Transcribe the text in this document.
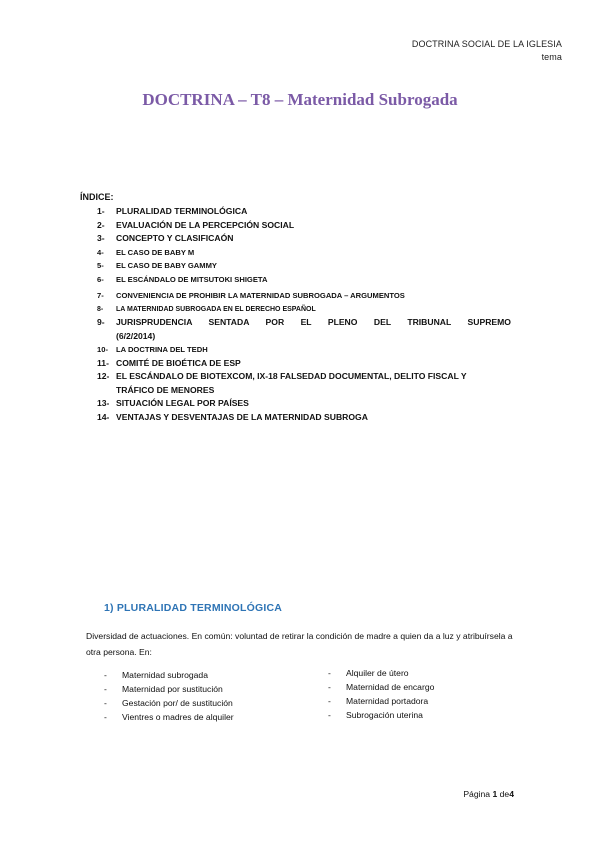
DOCTRINA SOCIAL DE LA IGLESIA
tema
DOCTRINA – T8 – Maternidad Subrogada
ÍNDICE:
1- PLURALIDAD TERMINOLÓGICA
2- EVALUACIÓN DE LA PERCEPCIÓN SOCIAL
3- CONCEPTO Y CLASIFICAÓN
4- EL CASO DE BABY M
5- EL CASO DE BABY GAMMY
6- EL ESCÁNDALO DE MITSUTOKI SHIGETA
7- CONVENIENCIA DE PROHIBIR LA MATERNIDAD SUBROGADA – ARGUMENTOS
8- LA MATERNIDAD SUBROGADA EN EL DERECHO ESPAÑOL
9- JURISPRUDENCIA SENTADA POR EL PLENO DEL TRIBUNAL SUPREMO
(6/2/2014)
10- LA DOCTRINA DEL TEDH
11- COMITÉ DE BIOÉTICA DE ESP
12- EL ESCÁNDALO DE BIOTEXCOM, IX-18 FALSEDAD DOCUMENTAL, DELITO FISCAL Y
TRÁFICO DE MENORES
13- SITUACIÓN LEGAL POR PAÍSES
14- VENTAJAS Y DESVENTAJAS DE LA MATERNIDAD SUBROGA
1) PLURALIDAD TERMINOLÓGICA
Diversidad de actuaciones. En común: voluntad de retirar la condición de madre a quien da a luz y atribuírsela a otra persona. En:
- Maternidad subrogada
- Maternidad por sustitución
- Gestación por/ de sustitución
- Vientres o madres de alquiler
- Alquiler de útero
- Maternidad de encargo
- Maternidad portadora
- Subrogación uterina
Página 1 de4
